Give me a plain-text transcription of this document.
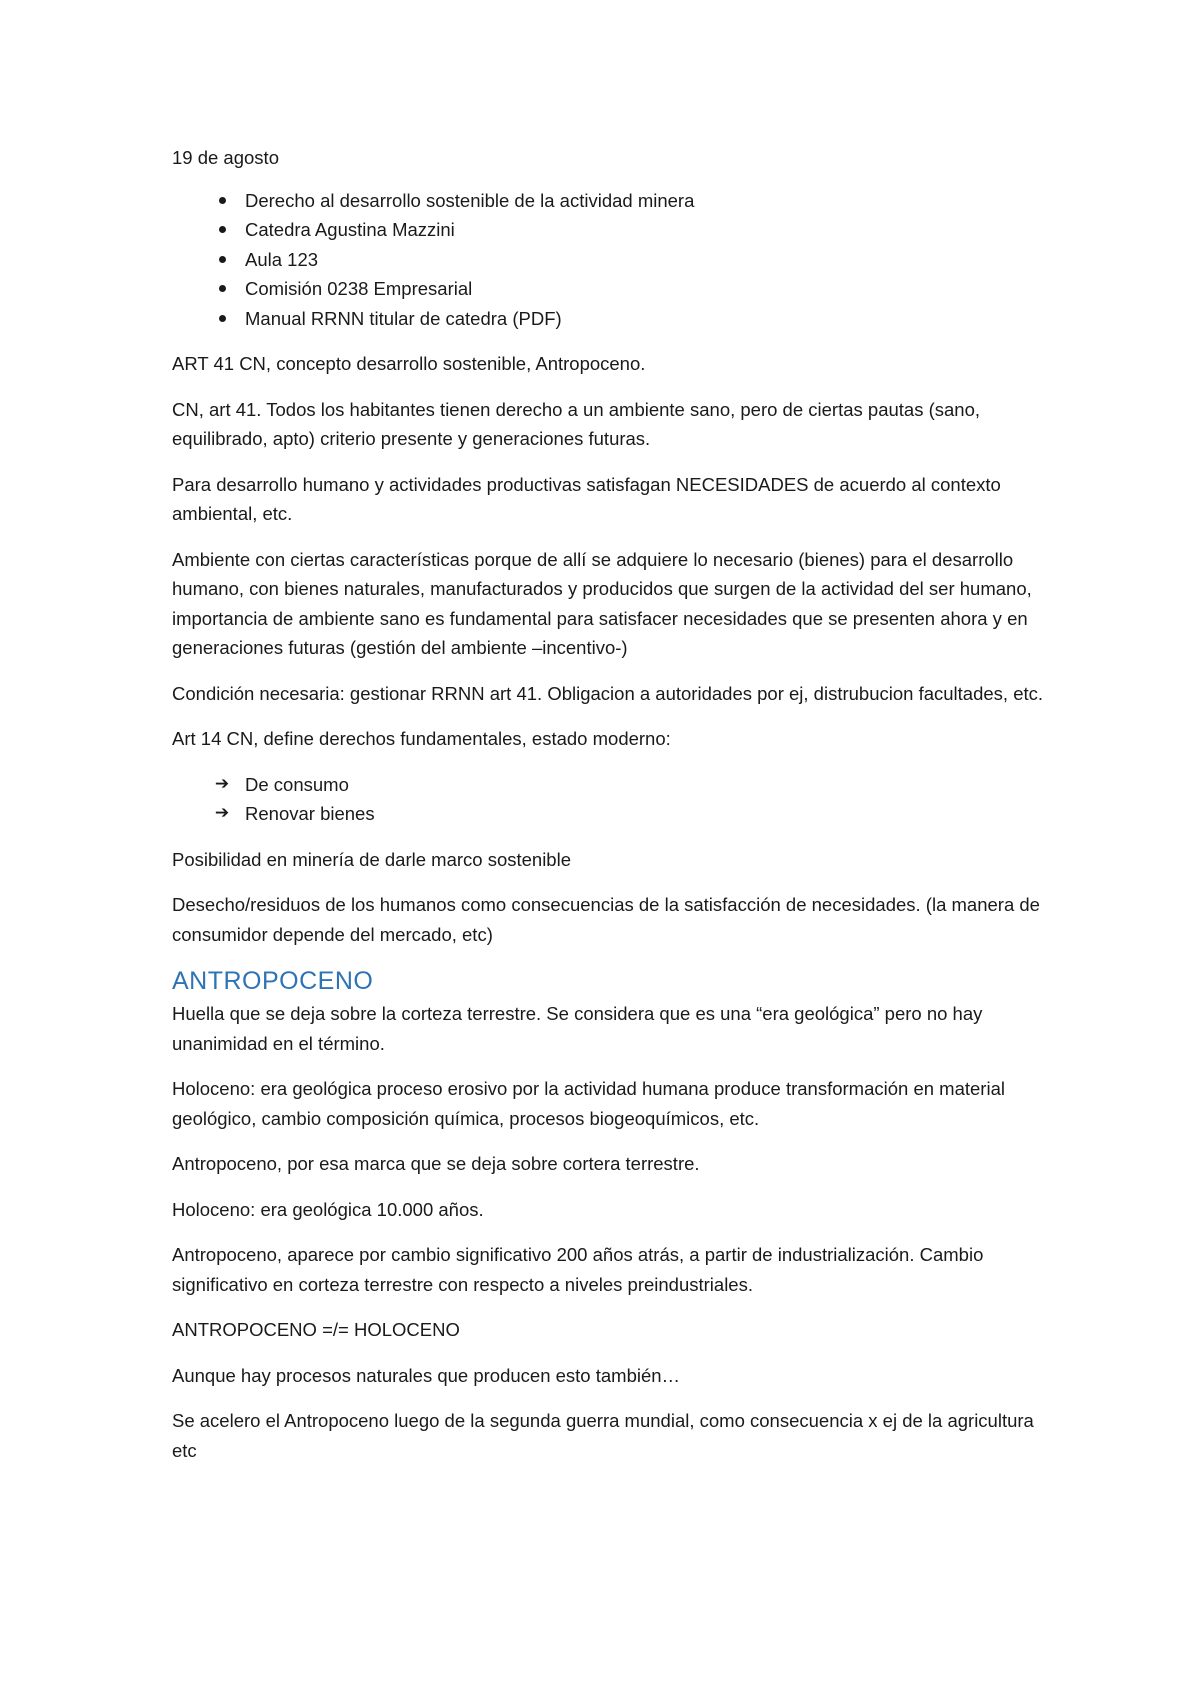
19 de agosto

Derecho al desarrollo sostenible de la actividad minera
Catedra Agustina Mazzini
Aula 123
Comisión 0238 Empresarial
Manual RRNN titular de catedra (PDF)

ART 41 CN, concepto desarrollo sostenible, Antropoceno.

CN, art 41. Todos los habitantes tienen derecho a un ambiente sano, pero de ciertas pautas (sano, equilibrado, apto) criterio presente y generaciones futuras.

Para desarrollo humano y actividades productivas satisfagan NECESIDADES de acuerdo al contexto ambiental, etc.

Ambiente con ciertas características porque de allí se adquiere lo necesario (bienes) para el desarrollo humano, con bienes naturales, manufacturados y producidos que surgen de la actividad del ser humano, importancia de ambiente sano es fundamental para satisfacer necesidades que se presenten ahora y en generaciones futuras (gestión del ambiente –incentivo-)

Condición necesaria: gestionar RRNN art 41. Obligacion a autoridades por ej, distrubucion facultades, etc.

Art 14 CN, define derechos fundamentales, estado moderno:

➔ De consumo
➔ Renovar bienes

Posibilidad en minería de darle marco sostenible

Desecho/residuos de los humanos como consecuencias de la satisfacción de necesidades. (la manera de consumidor depende del mercado, etc)

ANTROPOCENO

Huella que se deja sobre la corteza terrestre. Se considera que es una “era geológica” pero no hay unanimidad en el término.

Holoceno: era geológica proceso erosivo por la actividad humana produce transformación en material geológico, cambio composición química, procesos biogeoquímicos, etc.

Antropoceno, por esa marca que se deja sobre cortera terrestre.

Holoceno: era geológica 10.000 años.

Antropoceno, aparece por cambio significativo 200 años atrás, a partir de industrialización. Cambio significativo en corteza terrestre con respecto a niveles preindustriales.

ANTROPOCENO =/= HOLOCENO

Aunque hay procesos naturales que producen esto también…

Se acelero el Antropoceno luego de la segunda guerra mundial, como consecuencia x ej de la agricultura etc
